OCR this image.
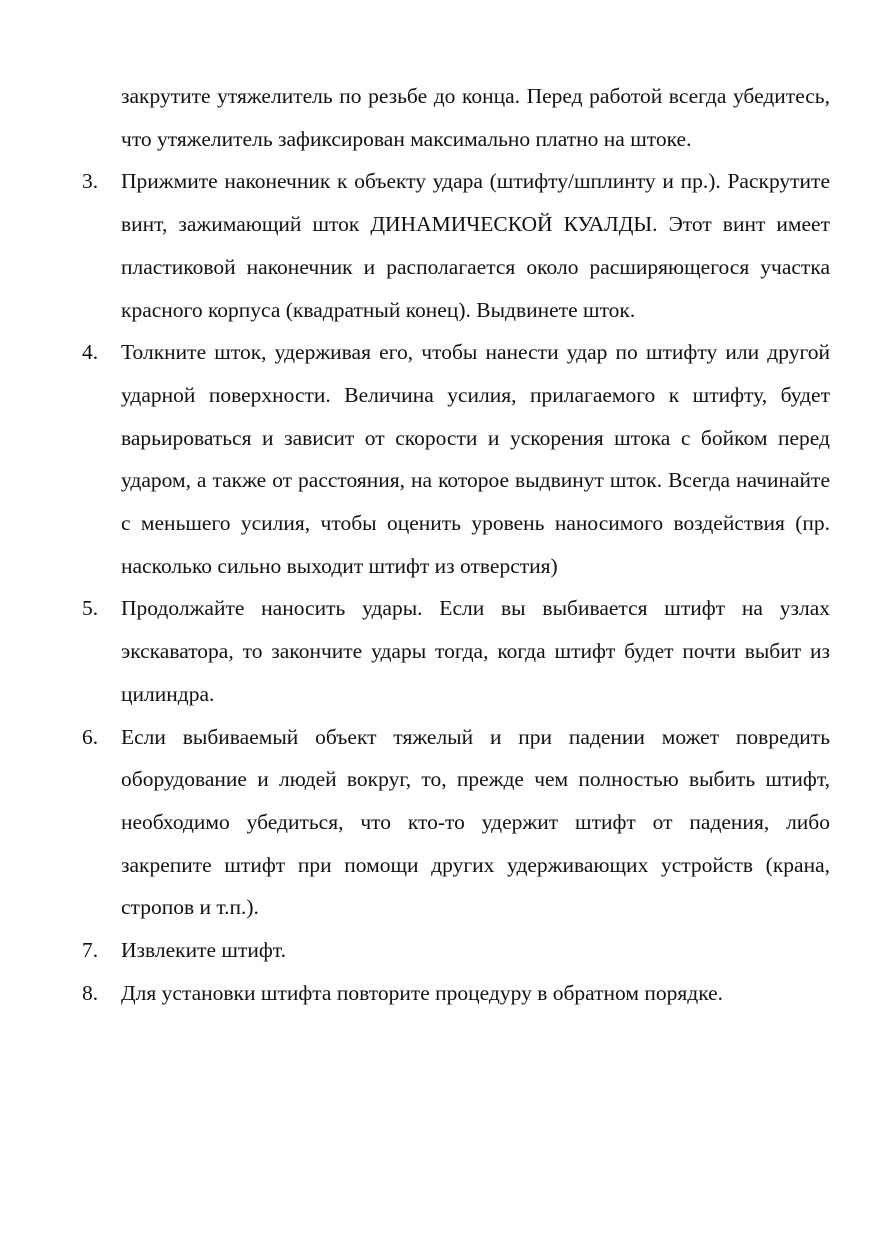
закрутите утяжелитель по резьбе до конца. Перед работой всегда убедитесь, что утяжелитель зафиксирован максимально платно на штоке.
3.	Прижмите наконечник к объекту удара (штифту/шплинту и пр.). Раскрутите винт, зажимающий шток ДИНАМИЧЕСКОЙ КУАЛДЫ. Этот винт имеет пластиковой наконечник и располагается около расширяющегося участка красного корпуса (квадратный конец). Выдвинете шток.
4.	Толкните шток, удерживая его, чтобы нанести удар по штифту или другой ударной поверхности. Величина усилия, прилагаемого к штифту, будет варьироваться и зависит от скорости и ускорения штока с бойком перед ударом, а также от расстояния, на которое выдвинут шток. Всегда начинайте с меньшего усилия, чтобы оценить уровень наносимого воздействия (пр. насколько сильно выходит штифт из отверстия)
5.	Продолжайте наносить удары. Если вы выбивается штифт на узлах экскаватора, то закончите удары тогда, когда штифт будет почти выбит из цилиндра.
6.	Если выбиваемый объект тяжелый и при падении может повредить оборудование и людей вокруг, то, прежде чем полностью выбить штифт, необходимо убедиться, что кто-то удержит штифт от падения, либо закрепите штифт при помощи других удерживающих устройств (крана, стропов и т.п.).
7.	Извлеките штифт.
8.	Для установки штифта повторите процедуру в обратном порядке.
